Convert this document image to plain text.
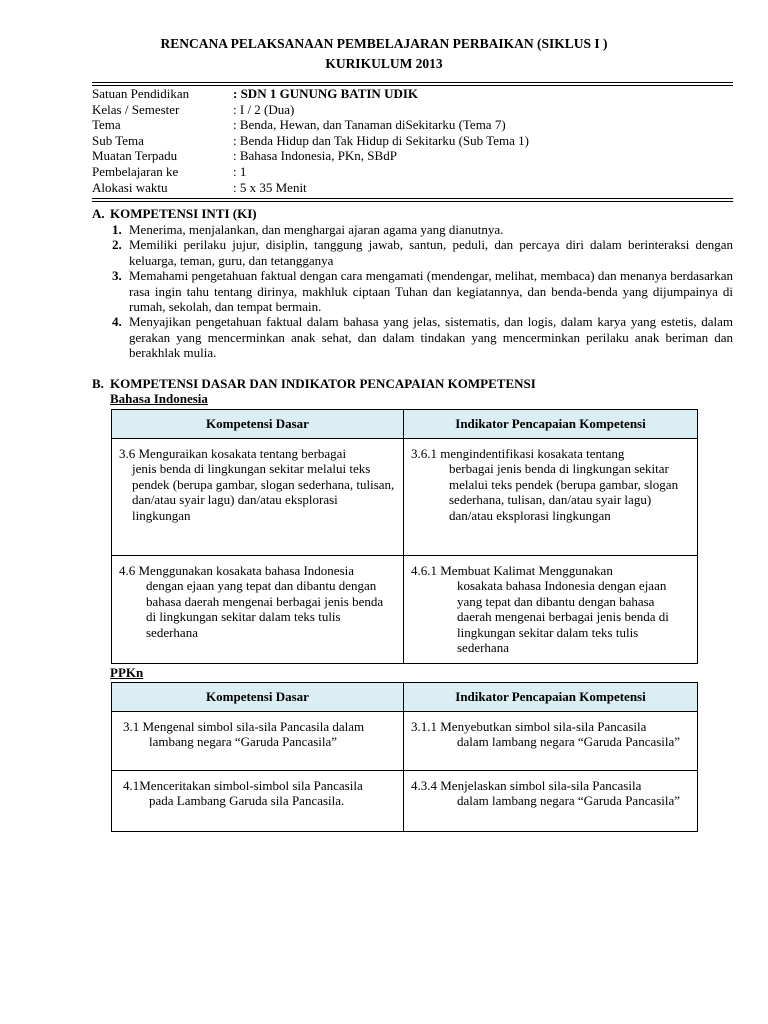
RENCANA PELAKSANAAN PEMBELAJARAN PERBAIKAN (SIKLUS I )
KURIKULUM 2013
Satuan Pendidikan	: SDN 1 GUNUNG BATIN UDIK
Kelas / Semester	: I / 2 (Dua)
Tema	: Benda, Hewan, dan Tanaman diSekitarku (Tema 7)
Sub Tema	: Benda Hidup dan Tak Hidup di Sekitarku (Sub Tema 1)
Muatan Terpadu	: Bahasa Indonesia, PKn, SBdP
Pembelajaran ke	: 1
Alokasi waktu	: 5 x 35 Menit
A. KOMPETENSI INTI (KI)
1. Menerima, menjalankan, dan menghargai ajaran agama yang dianutnya.
2. Memiliki perilaku jujur, disiplin, tanggung jawab, santun, peduli, dan percaya diri dalam berinteraksi dengan keluarga, teman, guru, dan tetangganya
3. Memahami pengetahuan faktual dengan cara mengamati (mendengar, melihat, membaca) dan menanya berdasarkan rasa ingin tahu tentang dirinya, makhluk ciptaan Tuhan dan kegiatannya, dan benda-benda yang dijumpainya di rumah, sekolah, dan tempat bermain.
4. Menyajikan pengetahuan faktual dalam bahasa yang jelas, sistematis, dan logis, dalam karya yang estetis, dalam gerakan yang mencerminkan anak sehat, dan dalam tindakan yang mencerminkan perilaku anak beriman dan berakhlak mulia.
B. KOMPETENSI DASAR DAN INDIKATOR PENCAPAIAN KOMPETENSI
Bahasa Indonesia
Kompetensi Dasar	Indikator Pencapaian Kompetensi

3.6 Menguraikan kosakata tentang berbagai
jenis benda di lingkungan sekitar melalui teks pendek (berupa gambar, slogan sederhana, tulisan, dan/atau syair lagu) dan/atau eksplorasi lingkungan	3.6.1 mengindentifikasi kosakata tentang
berbagai jenis benda di lingkungan sekitar melalui teks pendek (berupa gambar, slogan sederhana, tulisan, dan/atau syair lagu) dan/atau eksplorasi lingkungan

4.6 Menggunakan kosakata bahasa Indonesia
dengan ejaan yang tepat dan dibantu dengan bahasa daerah mengenai berbagai jenis benda di lingkungan sekitar dalam teks tulis sederhana	4.6.1 Membuat Kalimat Menggunakan
kosakata bahasa Indonesia dengan ejaan yang tepat dan dibantu dengan bahasa daerah mengenai berbagai jenis benda di lingkungan sekitar dalam teks tulis sederhana
PPKn
Kompetensi Dasar	Indikator Pencapaian Kompetensi

3.1 Mengenal simbol sila-sila Pancasila dalam
lambang negara “Garuda Pancasila”	3.1.1 Menyebutkan simbol sila-sila Pancasila
dalam lambang negara “Garuda Pancasila”

4.1Menceritakan simbol-simbol sila Pancasila
pada Lambang Garuda sila Pancasila.	4.3.4 Menjelaskan simbol sila-sila Pancasila
dalam lambang negara “Garuda Pancasila”
